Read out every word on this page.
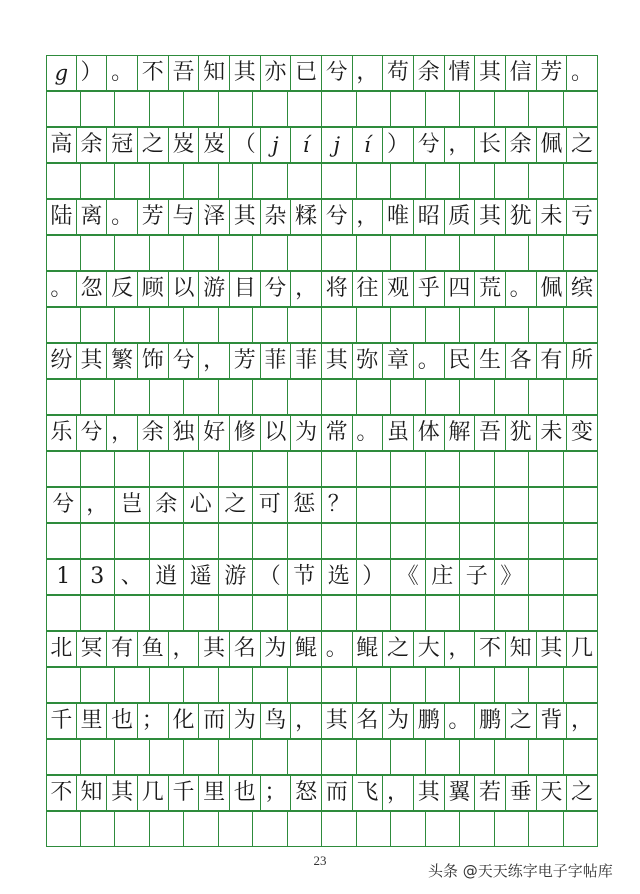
g ） 。 不 吾 知 其 亦 已 兮 ， 苟 余 情 其 信 芳 。
高 余 冠 之 岌 岌 （ j í j í ） 兮 ， 长 余 佩 之
陆 离 。 芳 与 泽 其 杂 糅 兮 ， 唯 昭 质 其 犹 未 亏
。 忽 反 顾 以 游 目 兮 ， 将 往 观 乎 四 荒 。 佩 缤
纷 其 繁 饰 兮 ， 芳 菲 菲 其 弥 章 。 民 生 各 有 所
乐 兮 ， 余 独 好 修 以 为 常 。 虽 体 解 吾 犹 未 变
兮 ， 岂 余 心 之 可 惩 ？
1 3 、 逍 遥 游 （ 节 选 ） 《 庄 子 》
北 冥 有 鱼 ， 其 名 为 鲲 。 鲲 之 大 ， 不 知 其 几
千 里 也 ； 化 而 为 鸟 ， 其 名 为 鹏 。 鹏 之 背 ，
不 知 其 几 千 里 也 ； 怒 而 飞 ， 其 翼 若 垂 天 之
23
头条 @天天练字电子字帖库
